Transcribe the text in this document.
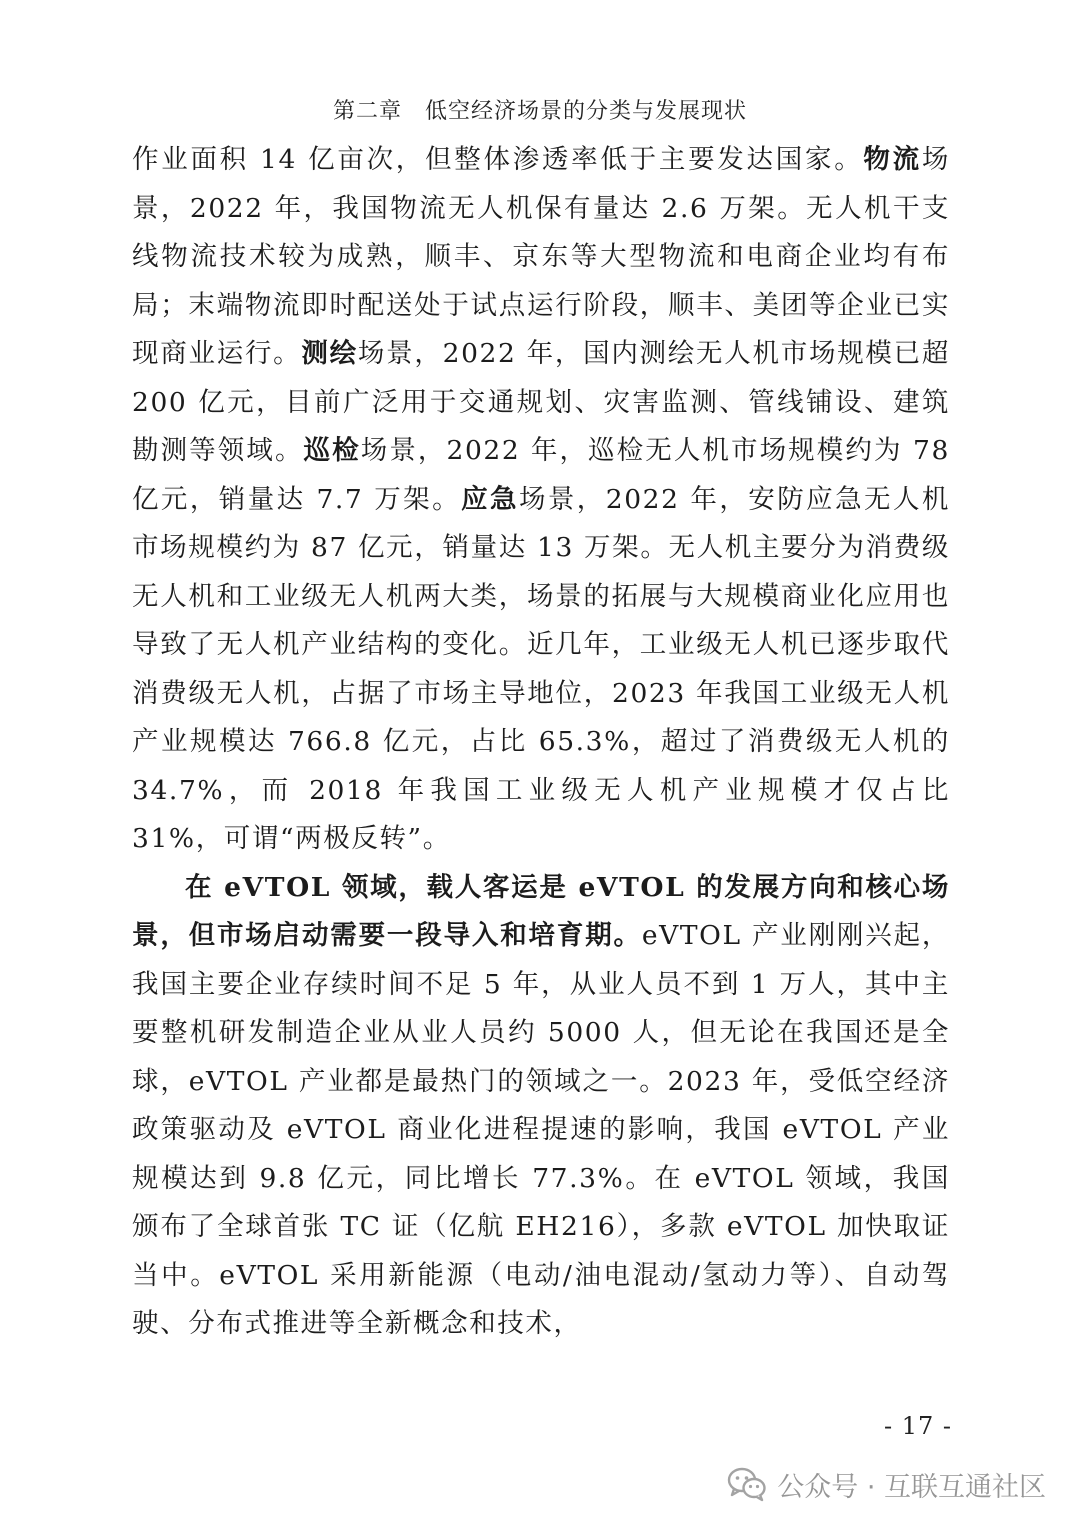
第二章　低空经济场景的分类与发展现状

作业面积 14 亿亩次，但整体渗透率低于主要发达国家。物流场景，2022 年，我国物流无人机保有量达 2.6 万架。无人机干支线物流技术较为成熟，顺丰、京东等大型物流和电商企业均有布局；末端物流即时配送处于试点运行阶段，顺丰、美团等企业已实现商业运行。测绘场景，2022 年，国内测绘无人机市场规模已超 200 亿元，目前广泛用于交通规划、灾害监测、管线铺设、建筑勘测等领域。巡检场景，2022 年，巡检无人机市场规模约为 78 亿元，销量达 7.7 万架。应急场景，2022 年，安防应急无人机市场规模约为 87 亿元，销量达 13 万架。无人机主要分为消费级无人机和工业级无人机两大类，场景的拓展与大规模商业化应用也导致了无人机产业结构的变化。近几年，工业级无人机已逐步取代消费级无人机，占据了市场主导地位，2023 年我国工业级无人机产业规模达 766.8 亿元，占比 65.3%，超过了消费级无人机的 34.7%，而 2018 年我国工业级无人机产业规模才仅占比 31%，可谓“两极反转”。

在 eVTOL 领域，载人客运是 eVTOL 的发展方向和核心场景，但市场启动需要一段导入和培育期。eVTOL 产业刚刚兴起，我国主要企业存续时间不足 5 年，从业人员不到 1 万人，其中主要整机研发制造企业从业人员约 5000 人，但无论在我国还是全球，eVTOL 产业都是最热门的领域之一。2023 年，受低空经济政策驱动及 eVTOL 商业化进程提速的影响，我国 eVTOL 产业规模达到 9.8 亿元，同比增长 77.3%。在 eVTOL 领域，我国颁布了全球首张 TC 证（亿航 EH216），多款 eVTOL 加快取证当中。eVTOL 采用新能源（电动/油电混动/氢动力等）、自动驾驶、分布式推进等全新概念和技术，

- 17 -
公众号 · 互联互通社区
